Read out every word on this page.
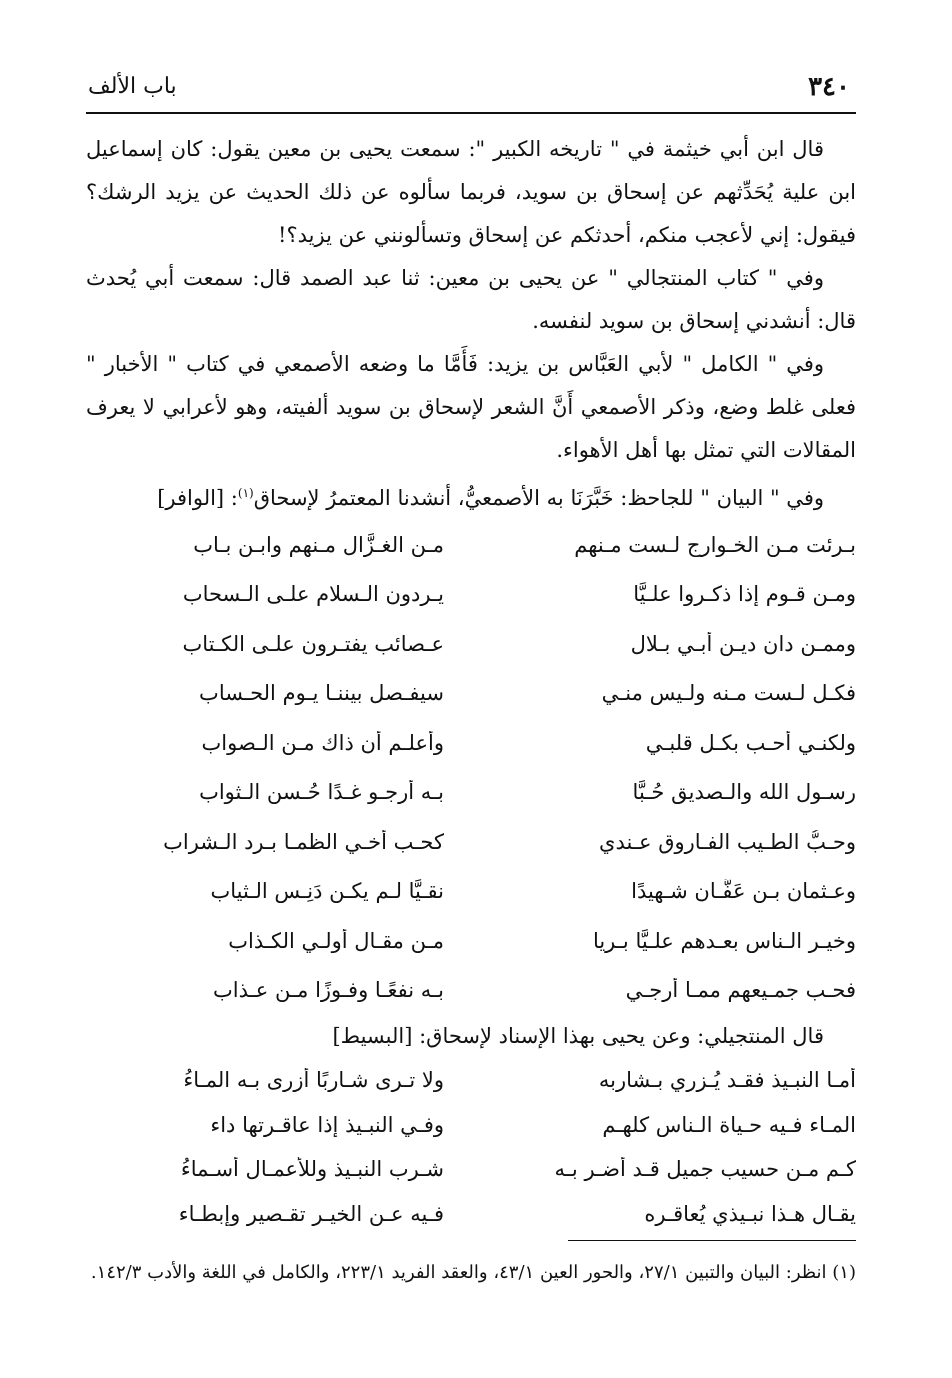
٣٤٠
باب الألف

قال ابن أبي خيثمة في " تاريخه الكبير ": سمعت يحيى بن معين يقول: كان إسماعيل ابن علية يُحَدِّثهم عن إسحاق بن سويد، فربما سألوه عن ذلك الحديث عن يزيد الرشك؟ فيقول: إني لأعجب منكم، أحدثكم عن إسحاق وتسألونني عن يزيد؟!

وفي " كتاب المنتجالي " عن يحيى بن معين: ثنا عبد الصمد قال: سمعت أبي يُحدث قال: أنشدني إسحاق بن سويد لنفسه.

وفي " الكامل " لأبي العَبَّاس بن يزيد: فَأَمَّا ما وضعه الأصمعي في كتاب " الأخبار " فعلى غلط وضع، وذكر الأصمعي أَنَّ الشعر لإسحاق بن سويد ألفيته، وهو لأعرابي لا يعرف المقالات التي تمثل بها أهل الأهواء.

وفي " البيان " للجاحظ: خَبَّرَنَا به الأصمعيُّ، أنشدنا المعتمرُ لإسحاق$^{(١)}$: [الوافر]

بـرئت مـن الخـوارج لـست مـنهم
مـن الغـزَّال مـنهم وابـن بـاب
ومـن قـوم إذا ذكـروا علـيًّا
يـردون الـسلام علـى الـسحاب
وممـن دان ديـن أبـي بـلال
عـصائب يفتـرون علـى الكـتاب
فكـل لـست مـنه ولـيس منـي
سيفـصل بيننـا يـوم الحـساب
ولكنـي أحـب بكـل قلبـي
وأعلـم أن ذاك مـن الـصواب
رسـول الله والـصديق حُـبًّا
بـه أرجـو غـدًا حُـسن الـثواب
وحـبُّ الطـيب الفـاروق عـندي
كحـب أخـي الظمـا بـرد الـشراب
وعـثمان بـن عَفَّـان شـهيدًا
نقـيًّا لـم يكـن دَنِـس الـثياب
وخيـر الـناس بعـدهم علـيًّا بـريا
مـن مقـال أولـي الكـذاب
فحـب جمـيعهم ممـا أُرجـي
بـه نفعًـا وفـوزًا مـن عـذاب

قال المنتجيلي: وعن يحيى بهذا الإسناد لإسحاق: [البسيط]

أمـا النبـيذ فقـد يُـزري بـشاربه
ولا تـرى شـاربًا أزرى بـه المـاءُ
المـاء فـيه حـياة الـناس كلهـم
وفـي النبـيذ إذا عاقـرتها داء
كـم مـن حسيب جميل قـد أضـر بـه
شـرب النبـيذ وللأعمـال أسـماءُ
يقـال هـذا نبـيذي يُعاقـره
فـيه عـن الخيـر تقـصير وإبطـاء

(١) انظر: البيان والتبين ٢٧/١، والحور العين ٤٣/١، والعقد الفريد ٢٢٣/١، والكامل في اللغة والأدب ١٤٢/٣.
